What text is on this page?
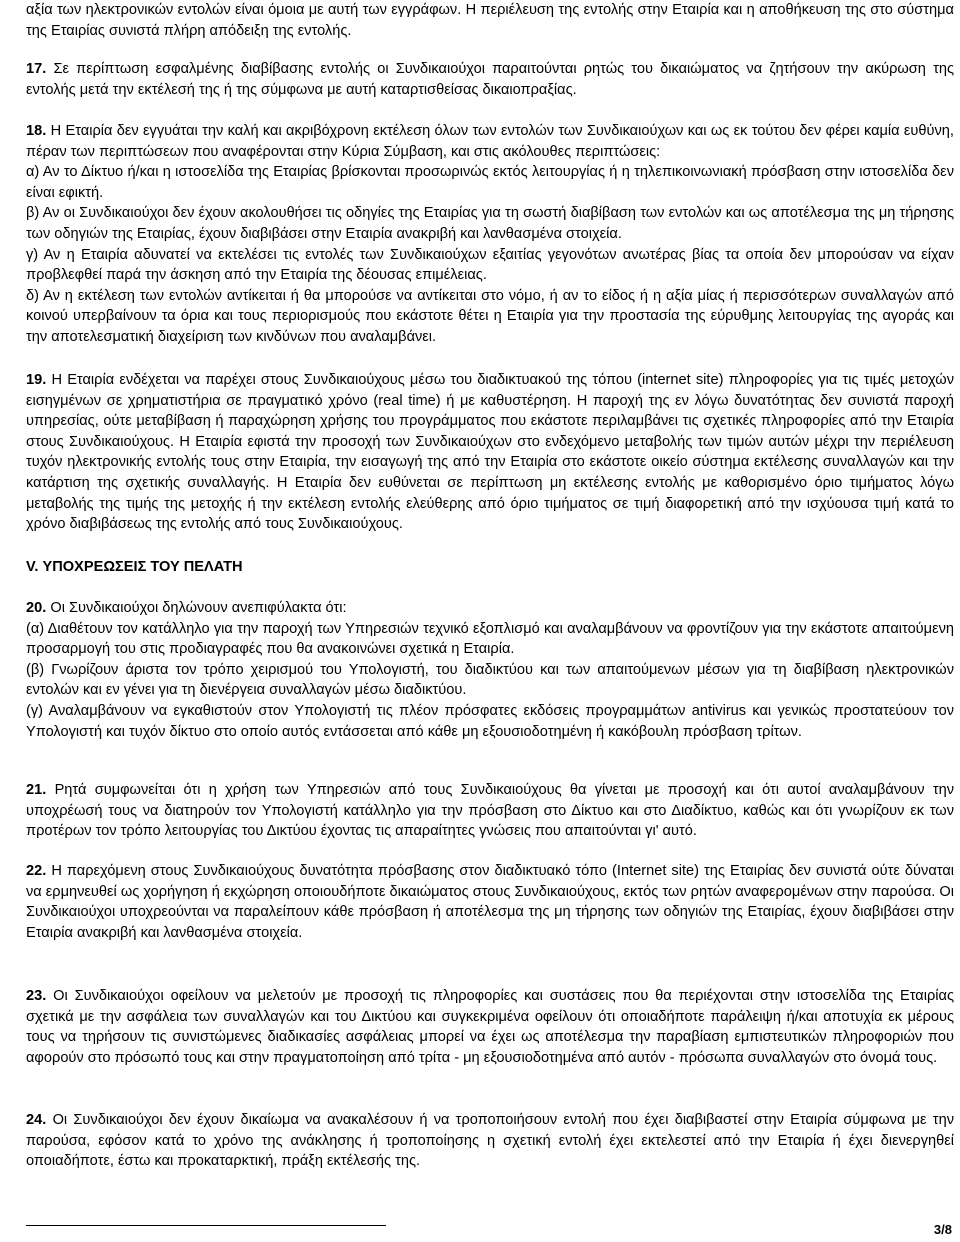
αξία των ηλεκτρονικών εντολών είναι όμοια με αυτή των εγγράφων. Η περιέλευση της εντολής στην Εταιρία και η αποθήκευση της στο σύστημα της Εταιρίας συνιστά πλήρη απόδειξη της εντολής.

17. Σε περίπτωση εσφαλμένης διαβίβασης εντολής οι Συνδικαιούχοι παραιτούνται ρητώς του δικαιώματος να ζητήσουν την ακύρωση της εντολής μετά την εκτέλεσή της ή της σύμφωνα με αυτή καταρτισθείσας δικαιοπραξίας.

18. Η Εταιρία δεν εγγυάται την καλή και ακριβόχρονη εκτέλεση όλων των εντολών των Συνδικαιούχων και ως εκ τούτου δεν φέρει καμία ευθύνη, πέραν των περιπτώσεων που αναφέρονται στην Κύρια Σύμβαση, και στις ακόλουθες περιπτώσεις:

α) Αν το Δίκτυο ή/και η ιστοσελίδα της Εταιρίας βρίσκονται προσωρινώς εκτός λειτουργίας ή η τηλεπικοινωνιακή πρόσβαση στην ιστοσελίδα δεν είναι εφικτή.

β) Αν οι Συνδικαιούχοι δεν έχουν ακολουθήσει τις οδηγίες της Εταιρίας για τη σωστή διαβίβαση των εντολών και ως αποτέλεσμα της μη τήρησης των οδηγιών της Εταιρίας, έχουν διαβιβάσει στην Εταιρία ανακριβή και λανθασμένα στοιχεία.

γ) Αν η Εταιρία αδυνατεί να εκτελέσει τις εντολές των Συνδικαιούχων εξαιτίας γεγονότων ανωτέρας βίας τα οποία δεν μπορούσαν να είχαν προβλεφθεί παρά την άσκηση από την Εταιρία της δέουσας επιμέλειας.

δ) Αν η εκτέλεση των εντολών αντίκειται ή θα μπορούσε να αντίκειται στο νόμο, ή αν το είδος ή η αξία μίας ή περισσότερων συναλλαγών από κοινού υπερβαίνουν τα όρια και τους περιορισμούς που εκάστοτε θέτει η Εταιρία για την προστασία της εύρυθμης λειτουργίας της αγοράς και την αποτελεσματική διαχείριση των κινδύνων που αναλαμβάνει.

V. ΥΠΟΧΡΕΩΣΕΙΣ ΤΟΥ ΠΕΛΑΤΗ

20. Οι Συνδικαιούχοι δηλώνουν ανεπιφύλακτα ότι:

(α) Διαθέτουν τον κατάλληλο για την παροχή των Υπηρεσιών τεχνικό εξοπλισμό και αναλαμβάνουν να φροντίζουν για την εκάστοτε απαιτούμενη προσαρμογή του στις προδιαγραφές που θα ανακοινώνει σχετικά η Εταιρία.

(β) Γνωρίζουν άριστα τον τρόπο χειρισμού του Υπολογιστή, του διαδικτύου και των απαιτούμενων μέσων για τη διαβίβαση ηλεκτρονικών εντολών και εν γένει για τη διενέργεια συναλλαγών μέσω διαδικτύου.

(γ) Αναλαμβάνουν να εγκαθιστούν στον Υπολογιστή τις πλέον πρόσφατες εκδόσεις προγραμμάτων antivirus και γενικώς προστατεύουν τον Υπολογιστή και τυχόν δίκτυο στο οποίο αυτός εντάσσεται από κάθε μη εξουσιοδοτημένη ή κακόβουλη πρόσβαση τρίτων.

19. Η Εταιρία ενδέχεται να παρέχει στους Συνδικαιούχους μέσω του διαδικτυακού της τόπου (internet site) πληροφορίες για τις τιμές μετοχών εισηγμένων σε χρηματιστήρια σε πραγματικό χρόνο (real time) ή με καθυστέρηση. Η παροχή της εν λόγω δυνατότητας δεν συνιστά παροχή υπηρεσίας, ούτε μεταβίβαση ή παραχώρηση χρήσης του προγράμματος που εκάστοτε περιλαμβάνει τις σχετικές πληροφορίες από την Εταιρία στους Συνδικαιούχους. Η Εταιρία εφιστά την προσοχή των Συνδικαιούχων στο ενδεχόμενο μεταβολής των τιμών αυτών μέχρι την περιέλευση τυχόν ηλεκτρονικής εντολής τους στην Εταιρία, την εισαγωγή της από την Εταιρία στο εκάστοτε οικείο σύστημα εκτέλεσης συναλλαγών και την κατάρτιση της σχετικής συναλλαγής. Η Εταιρία δεν ευθύνεται σε περίπτωση μη εκτέλεσης εντολής με καθορισμένο όριο τιμήματος λόγω μεταβολής της τιμής της μετοχής ή την εκτέλεση εντολής ελεύθερης από όριο τιμήματος σε τιμή διαφορετική από την ισχύουσα τιμή κατά το χρόνο διαβιβάσεως της εντολής από τους Συνδικαιούχους.

21. Ρητά συμφωνείται ότι η χρήση των Υπηρεσιών από τους Συνδικαιούχους θα γίνεται με προσοχή και ότι αυτοί αναλαμβάνουν την υποχρέωσή τους να διατηρούν τον Υπολογιστή κατάλληλο για την πρόσβαση στο Δίκτυο και στο Διαδίκτυο, καθώς και ότι γνωρίζουν εκ των προτέρων τον τρόπο λειτουργίας του Δικτύου έχοντας τις απαραίτητες γνώσεις που απαιτούνται γι' αυτό.

22. Η παρεχόμενη στους Συνδικαιούχους δυνατότητα πρόσβασης στον διαδικτυακό τόπο (Internet site) της Εταιρίας δεν συνιστά ούτε δύναται να ερμηνευθεί ως χορήγηση ή εκχώρηση οποιουδήποτε δικαιώματος στους Συνδικαιούχους, εκτός των ρητών αναφερομένων στην παρούσα. Οι Συνδικαιούχοι υποχρεούνται να παραλείπουν κάθε πρόσβαση ή αποτέλεσμα της μη τήρησης των οδηγιών της Εταιρίας, έχουν διαβιβάσει στην Εταιρία ανακριβή και λανθασμένα στοιχεία.

23. Οι Συνδικαιούχοι οφείλουν να μελετούν με προσοχή τις πληροφορίες και συστάσεις που θα περιέχονται στην ιστοσελίδα της Εταιρίας σχετικά με την ασφάλεια των συναλλαγών και του Δικτύου και συγκεκριμένα οφείλουν ότι οποιαδήποτε παράλειψη ή/και αποτυχία εκ μέρους τους να τηρήσουν τις συνιστώμενες διαδικασίες ασφάλειας μπορεί να έχει ως αποτέλεσμα την παραβίαση εμπιστευτικών πληροφοριών που αφορούν στο πρόσωπό τους και στην πραγματοποίηση από τρίτα - μη εξουσιοδοτημένα από αυτόν - πρόσωπα συναλλαγών στο όνομά τους.

24. Οι Συνδικαιούχοι δεν έχουν δικαίωμα να ανακαλέσουν ή να τροποποιήσουν εντολή που έχει διαβιβαστεί στην Εταιρία σύμφωνα με την παρούσα, εφόσον κατά το χρόνο της ανάκλησης ή τροποποίησης η σχετική εντολή έχει εκτελεστεί από την Εταιρία ή έχει διενεργηθεί οποιαδήποτε, έστω και προκαταρκτική, πράξη εκτέλεσής της.

3/8
